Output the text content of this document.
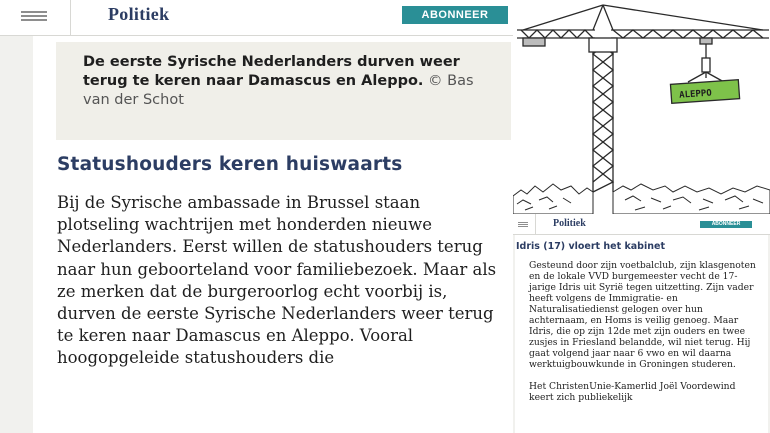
Politiek	ABONNEER
De eerste Syrische Nederlanders durven weer terug te keren naar Damascus en Aleppo. © Bas van der Schot
Statushouders keren huiswaarts
Bij de Syrische ambassade in Brussel staan plotseling wachtrijen met honderden nieuwe Nederlanders. Eerst willen de statushouders terug naar hun geboorteland voor familiebezoek. Maar als ze merken dat de burgeroorlog echt voorbij is, durven de eerste Syrische Nederlanders weer terug te keren naar Damascus en Aleppo. Vooral hoogopgeleide statushouders die
ALEPPO
Politiek	ABONNEER
Idris (17) vloert het kabinet

Gesteund door zijn voetbalclub, zijn klasgenoten en de lokale VVD burgemeester vecht de 17-jarige Idris uit Syrië tegen uitzetting. Zijn vader heeft volgens de Immigratie- en Naturalisatiedienst gelogen over hun achternaam, en Homs is veilig genoeg. Maar Idris, die op zijn 12de met zijn ouders en twee zusjes in Friesland belandde, wil niet terug. Hij gaat volgend jaar naar 6 vwo en wil daarna werktuigbouwkunde in Groningen studeren.

Het ChristenUnie-Kamerlid Joël Voordewind keert zich publiekelijk
